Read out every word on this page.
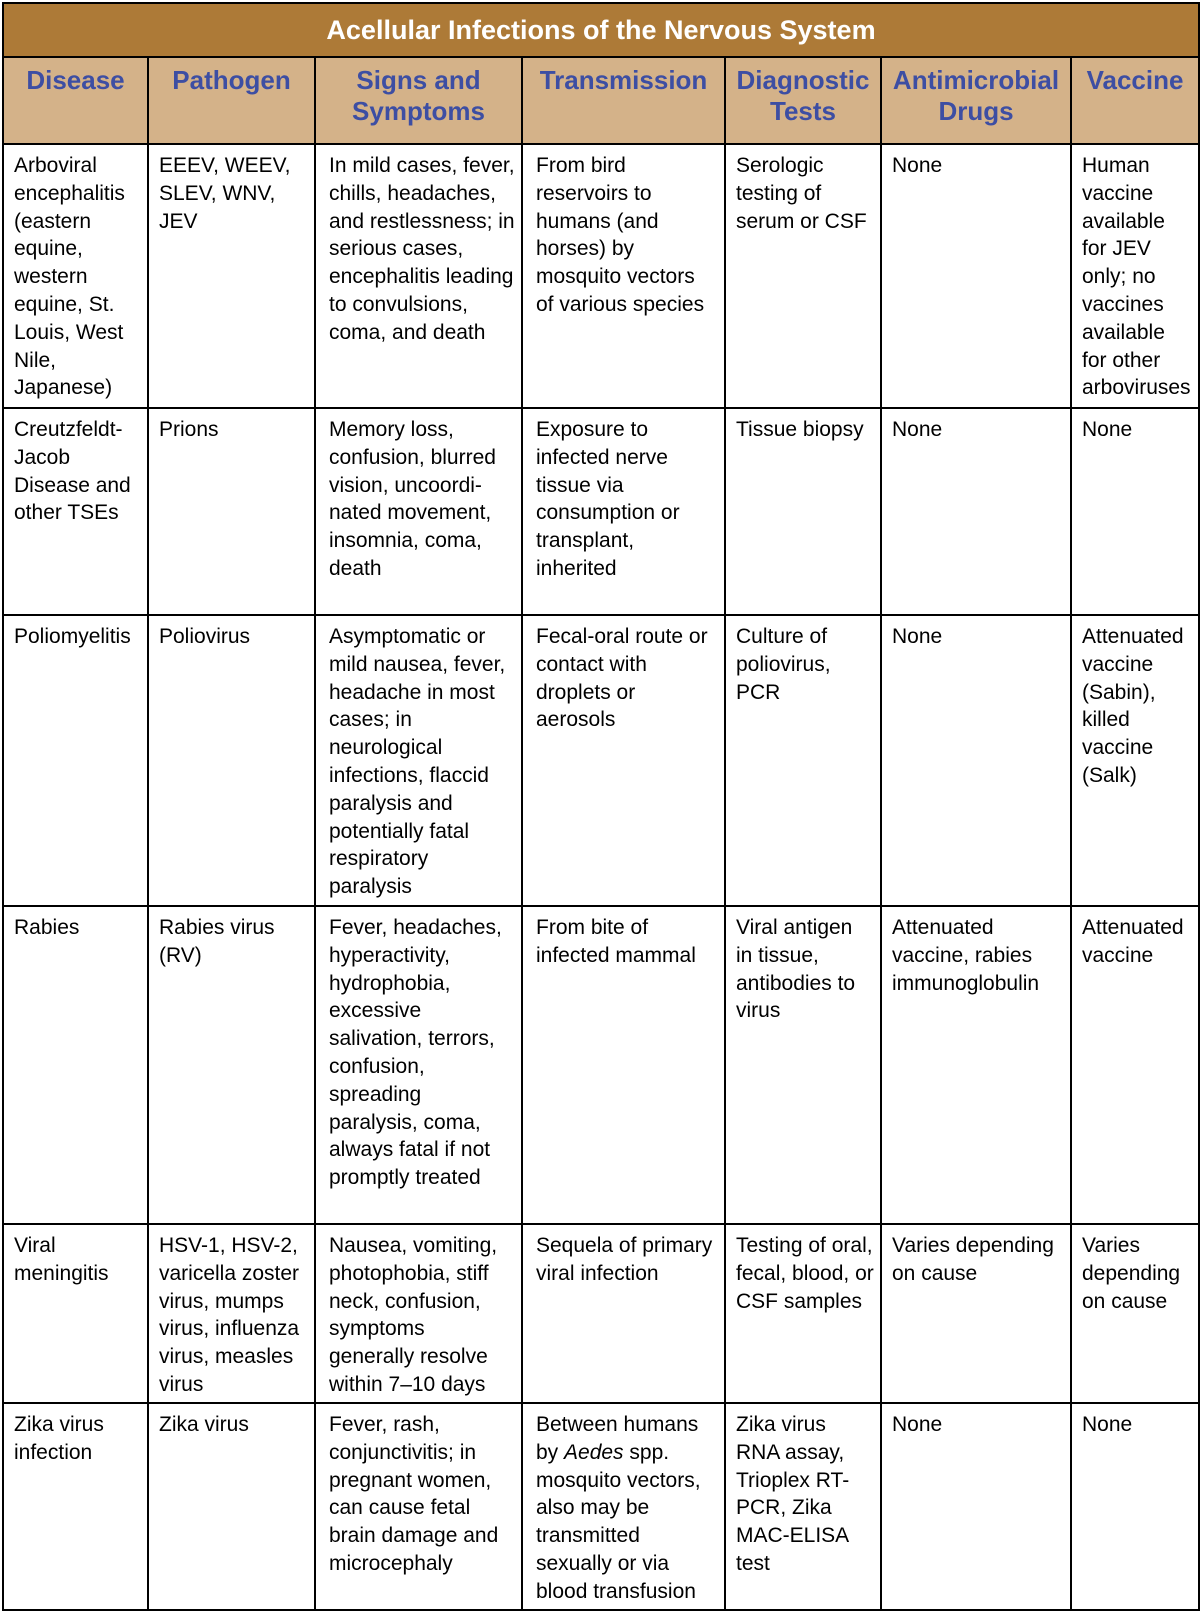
Acellular Infections of the Nervous System						
Disease	Pathogen	Signs and Symptoms	Transmission	Diagnostic Tests	Antimicrobial Drugs	Vaccine
Arboviral encephalitis (eastern equine, western equine, St. Louis, West Nile, Japanese)	EEEV, WEEV, SLEV, WNV, JEV	In mild cases, fever, chills, headaches, and restlessness; in serious cases, encephalitis leading to convulsions, coma, and death	From bird reservoirs to humans (and horses) by mosquito vectors of various species	Serologic testing of serum or CSF	None	Human vaccine available for JEV only; no vaccines available for other arboviruses
Creutzfeldt-Jacob Disease and other TSEs	Prions	Memory loss, confusion, blurred vision, uncoordi-nated movement, insomnia, coma, death	Exposure to infected nerve tissue via consumption or transplant, inherited	Tissue biopsy	None	None
Poliomyelitis	Poliovirus	Asymptomatic or mild nausea, fever, headache in most cases; in neurological infections, flaccid paralysis and potentially fatal respiratory paralysis	Fecal-oral route or contact with droplets or aerosols	Culture of poliovirus, PCR	None	Attenuated vaccine (Sabin), killed vaccine (Salk)
Rabies	Rabies virus (RV)	Fever, headaches, hyperactivity, hydrophobia, excessive salivation, terrors, confusion, spreading paralysis, coma, always fatal if not promptly treated	From bite of infected mammal	Viral antigen in tissue, antibodies to virus	Attenuated vaccine, rabies immunoglobulin	Attenuated vaccine
Viral meningitis	HSV-1, HSV-2, varicella zoster virus, mumps virus, influenza virus, measles virus	Nausea, vomiting, photophobia, stiff neck, confusion, symptoms generally resolve within 7–10 days	Sequela of primary viral infection	Testing of oral, fecal, blood, or CSF samples	Varies depending on cause	Varies depending on cause
Zika virus infection	Zika virus	Fever, rash, conjunctivitis; in pregnant women, can cause fetal brain damage and microcephaly	Between humans by Aedes spp. mosquito vectors, also may be transmitted sexually or via blood transfusion	Zika virus RNA assay, Trioplex RT-PCR, Zika MAC-ELISA test	None	None
